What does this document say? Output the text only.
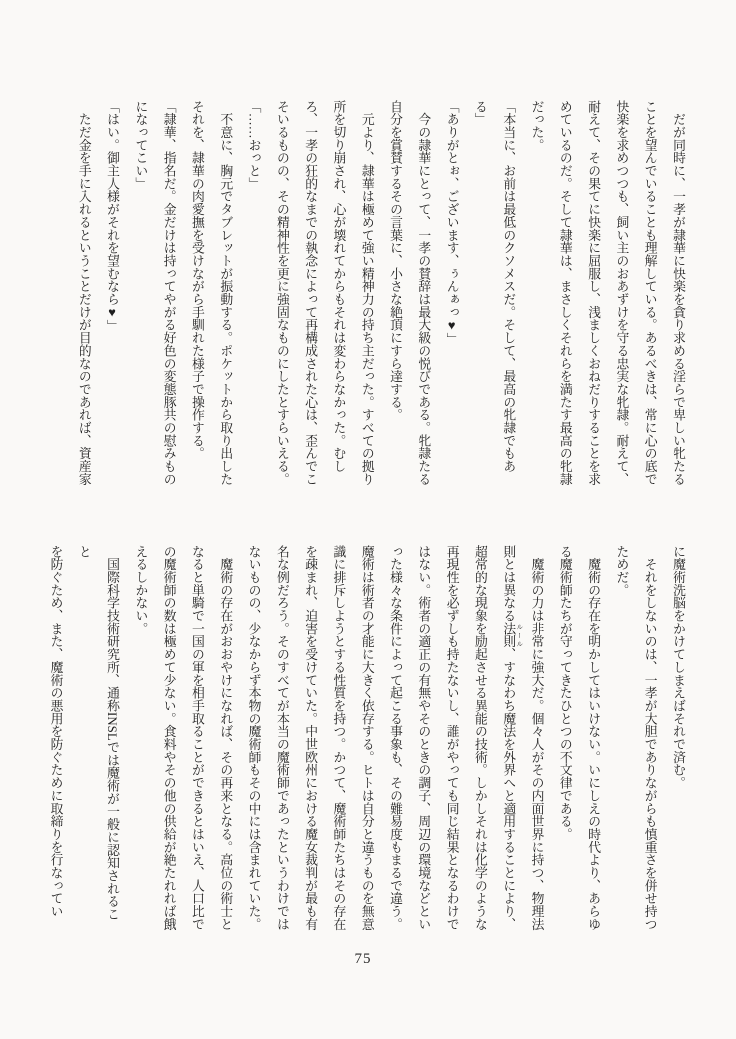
　だが同時に、一孝が隷華に快楽を貪り求める淫らで卑しい牝たる

ことを望んでいることも理解している。あるべきは、常に心の底で

快楽を求めつつも、飼い主のおあずけを守る忠実な牝隷。耐えて、

耐えて、その果てに快楽に屈服し、浅ましくおねだりすることを求

めているのだ。そして隷華は、まさしくそれらを満たす最高の牝隷

だった。

「本当に、お前は最低のクソメスだ。そして、最高の牝隷でもあ

る」

「ありがとぉ、ございます、ぅんぁっ♥」

　今の隷華にとって、一孝の賛辞は最大級の悦びである。牝隷たる

自分を賞賛するその言葉に、小さな絶頂にすら達する。

　元より、隷華は極めて強い精神力の持ち主だった。すべての拠り

所を切り崩され、心が壊れてからもそれは変わらなかった。むし

ろ、一孝の狂的なまでの執念によって再構成された心は、歪んでこ

そいるものの、その精神性を更に強固なものにしたとすらいえる。

「……おっと」

　不意に、胸元でタブレットが振動する。ポケットから取り出した

それを、隷華の肉愛撫を受けながら手馴れた様子で操作する。

「隷華、指名だ。金だけは持ってやがる好色の変態豚共の慰みもの

になってこい」

「はい。御主人様がそれを望むなら♥」

　ただ金を手に入れるということだけが目的なのであれば、資産家

に魔術洗脳をかけてしまえばそれで済む。

　それをしないのは、一孝が大胆でありながらも慎重さを併せ持つ

ためだ。

　魔術の存在を明かしてはいけない。いにしえの時代より、あらゆ

る魔術師たちが守ってきたひとつの不文律である。

　魔術の力は非常に強大だ。個々人がその内面世界に持つ、物理法

則とは異なる法則 ルール、すなわち魔法を外界へと適用することにより、

超常的な現象を励起させる異能の技術。しかしそれは化学のような

再現性を必ずしも持たないし、誰がやっても同じ結果となるわけで

はない。術者の適正の有無やそのときの調子、周辺の環境などとい

った様々な条件によって起こる事象も、その難易度もまるで違う。

魔術は術者の才能に大きく依存する。ヒトは自分と違うものを無意

識に排斥しようとする性質を持つ。かつて、魔術師たちはその存在

を疎まれ、迫害を受けていた。中世欧州における魔女裁判が最も有

名な例だろう。そのすべてが本当の魔術師であったというわけでは

ないものの、少なからず本物の魔術師もその中には含まれていた。

　魔術の存在がおおやけになれば、その再来となる。高位の術士と

なると単騎で一国の軍を相手取ることができるとはいえ、人口比で

の魔術師の数は極めて少ない。食料やその他の供給が絶たれれば餓

えるしかない。

　国際科学技術研究所、通称INSLでは魔術が一般に認知されること

を防ぐため、また、魔術の悪用を防ぐために取締りを行なってい

75
